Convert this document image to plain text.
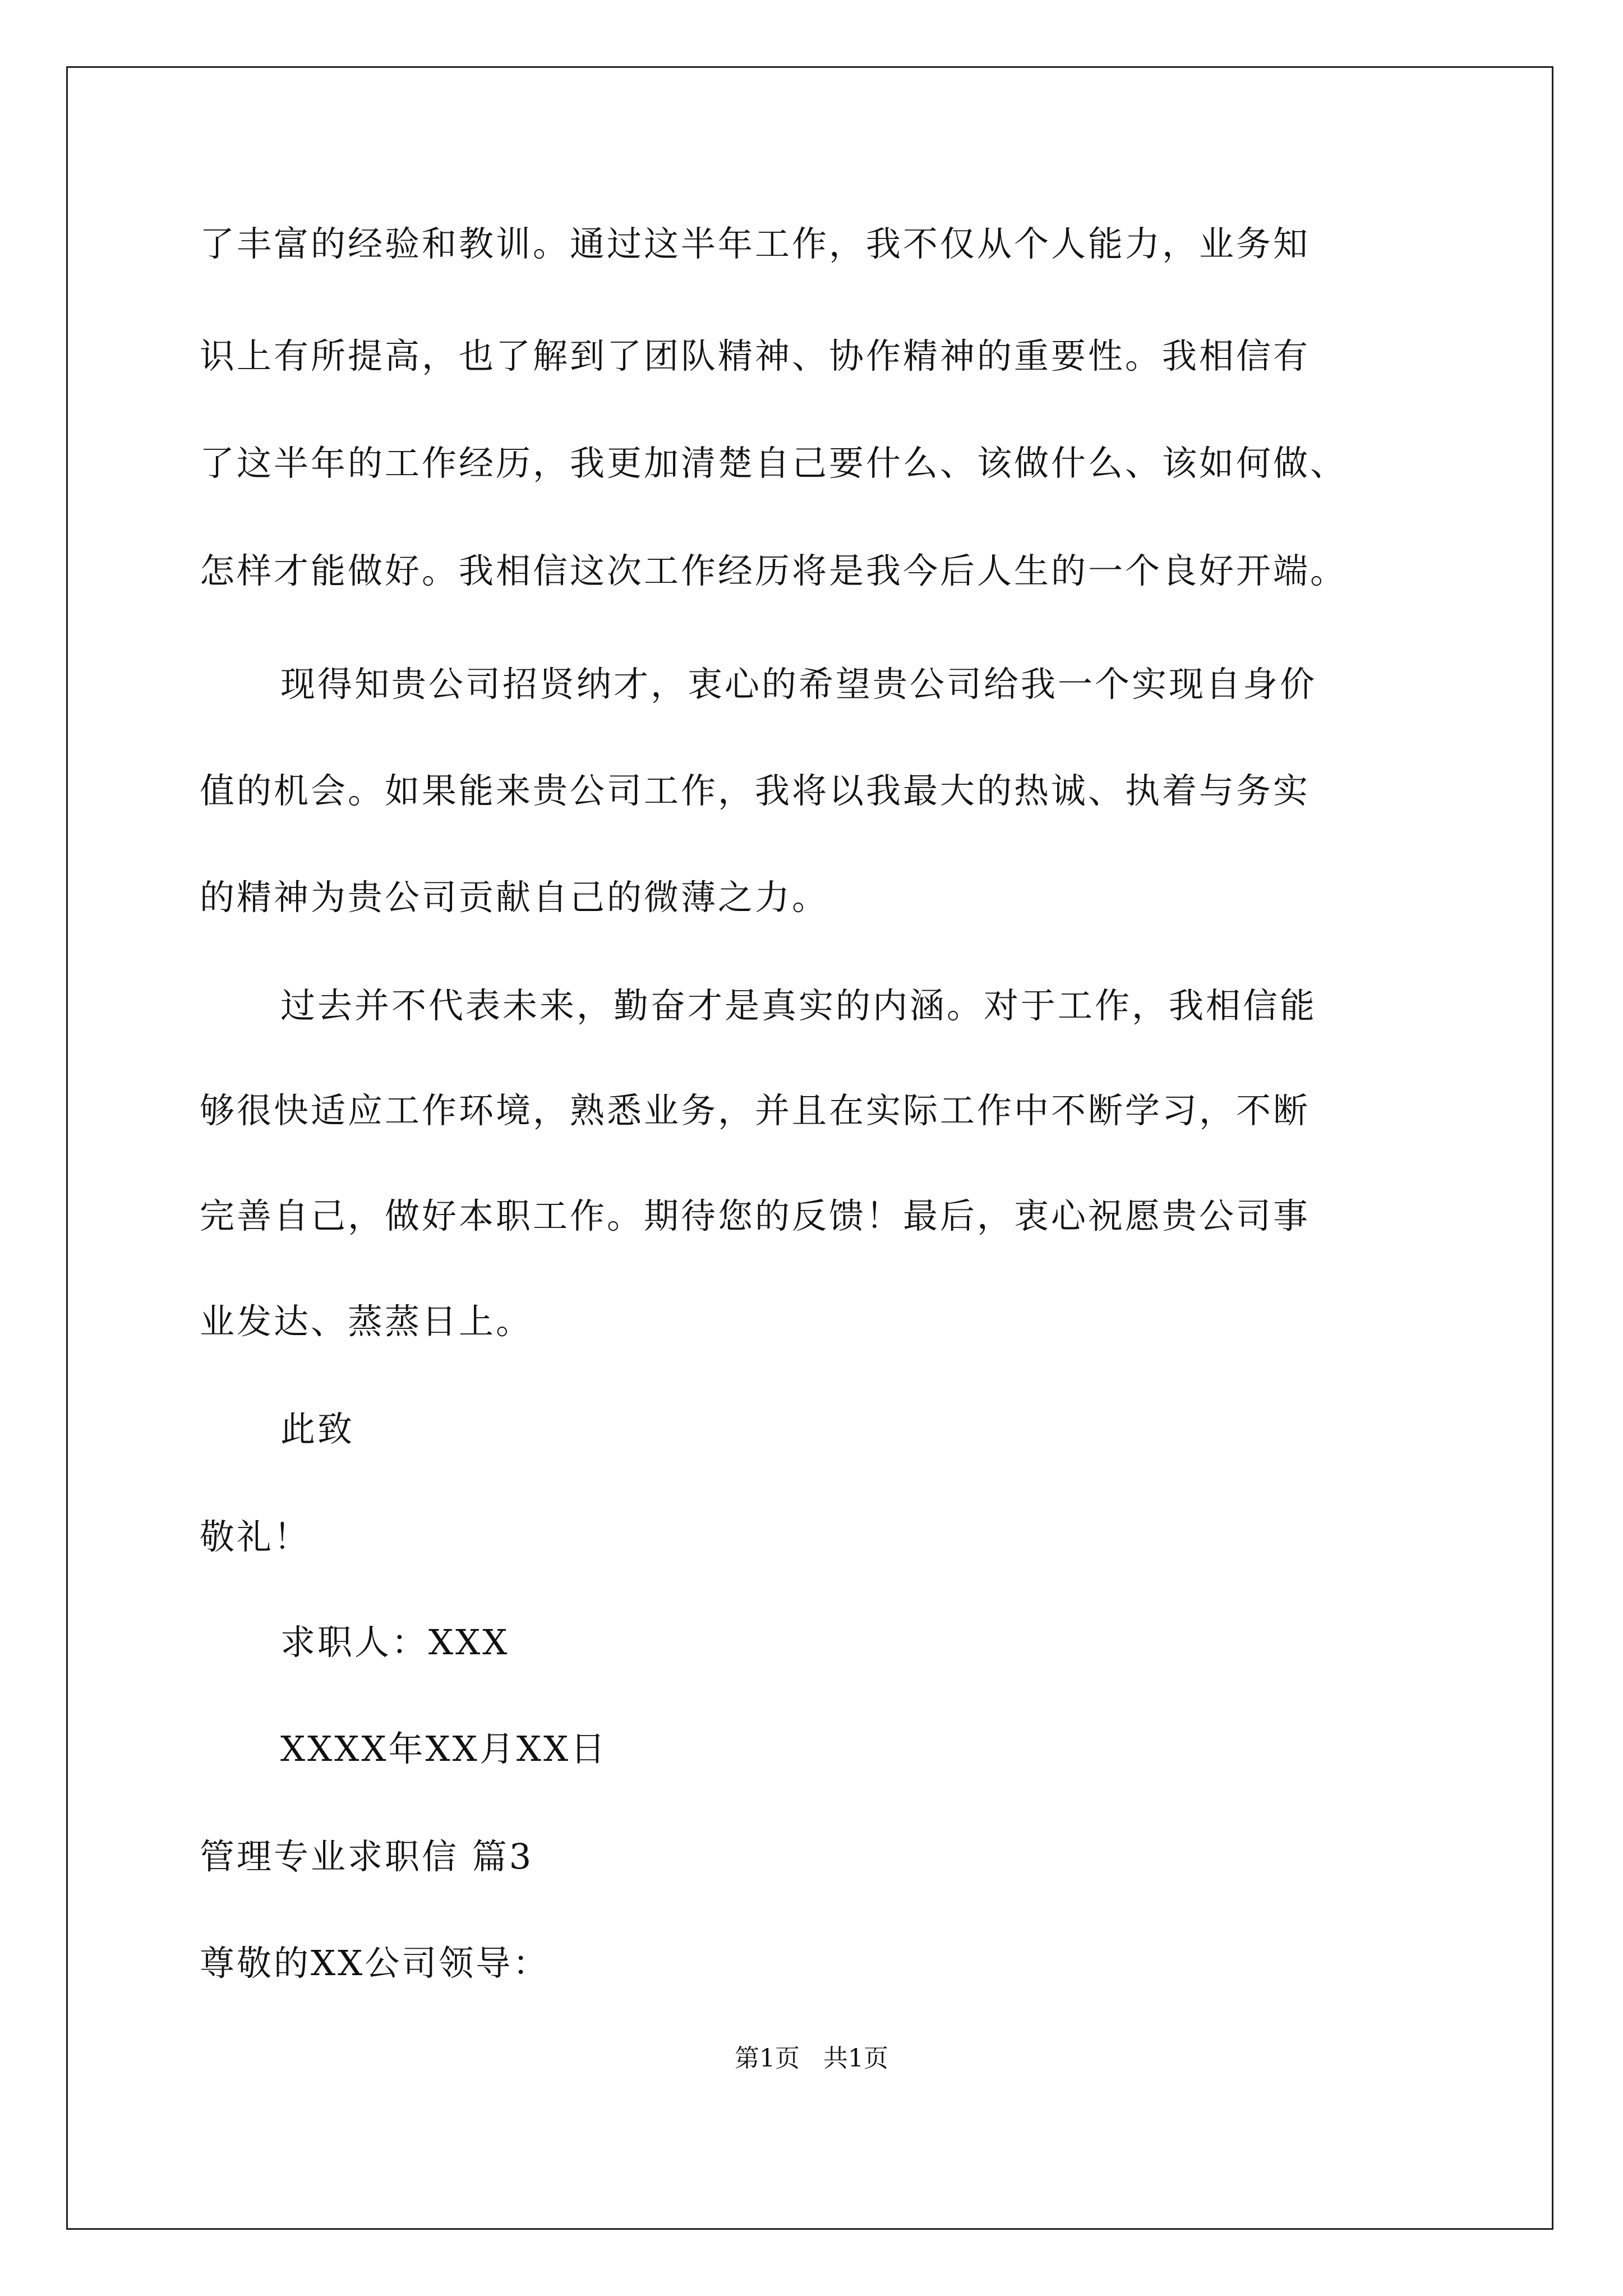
了丰富的经验和教训。通过这半年工作，我不仅从个人能力，业务知
识上有所提高，也了解到了团队精神、协作精神的重要性。我相信有
了这半年的工作经历，我更加清楚自己要什么、该做什么、该如何做、
怎样才能做好。我相信这次工作经历将是我今后人生的一个良好开端。
现得知贵公司招贤纳才，衷心的希望贵公司给我一个实现自身价
值的机会。如果能来贵公司工作，我将以我最大的热诚、执着与务实
的精神为贵公司贡献自己的微薄之力。
过去并不代表未来，勤奋才是真实的内涵。对于工作，我相信能
够很快适应工作环境，熟悉业务，并且在实际工作中不断学习，不断
完善自己，做好本职工作。期待您的反馈！最后，衷心祝愿贵公司事
业发达、蒸蒸日上。
此致
敬礼！
求职人：XXX
XXXX年XX月XX日
管理专业求职信 篇3
尊敬的XX公司领导：
第1页   共1页
